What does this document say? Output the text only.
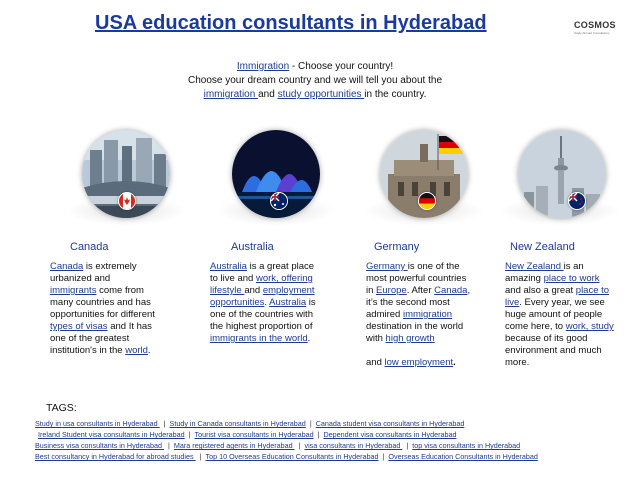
USA education consultants in Hyderabad	COSMOS
Study Abroad Consultancy
Immigration - Choose your country!
Choose your dream country and we will tell you about the
immigration and study opportunities in the country.
Canada	Australia	Germany	New Zealand
Canada is extremely urbanized and immigrants come from many countries and has opportunities for different types of visas and It has one of the greatest institution's in the world.
Australia is a great place to live and work, offering lifestyle and employment opportunities. Australia is one of the countries with the highest proportion of immigrants in the world.
Germany is one of the most powerful countries in Europe. After Canada, it’s the second most admired immigration destination in the world with high growth

and low employment.
New Zealand is an amazing place to work and also a great place to live. Every year, we see huge amount of people come here, to work, study because of its good environment and much more.
TAGS:
Study in usa consultants in Hyderabad | Study in Canada consultants in Hyderabad | Canada student visa consultants in Hyderabad
Ireland Student visa consultants in Hyderabad | Tourist visa consultants in Hyderabad | Dependent visa consultants in Hyderabad
Business visa consultants in Hyderabad | Mara registered agents in Hyderabad | visa consultants in Hyderabad | top visa consultants in Hyderabad
Best consultancy in Hyderabad for abroad studies | Top 10 Overseas Education Consultants in Hyderabad | Overseas Education Consultants in Hyderabad
